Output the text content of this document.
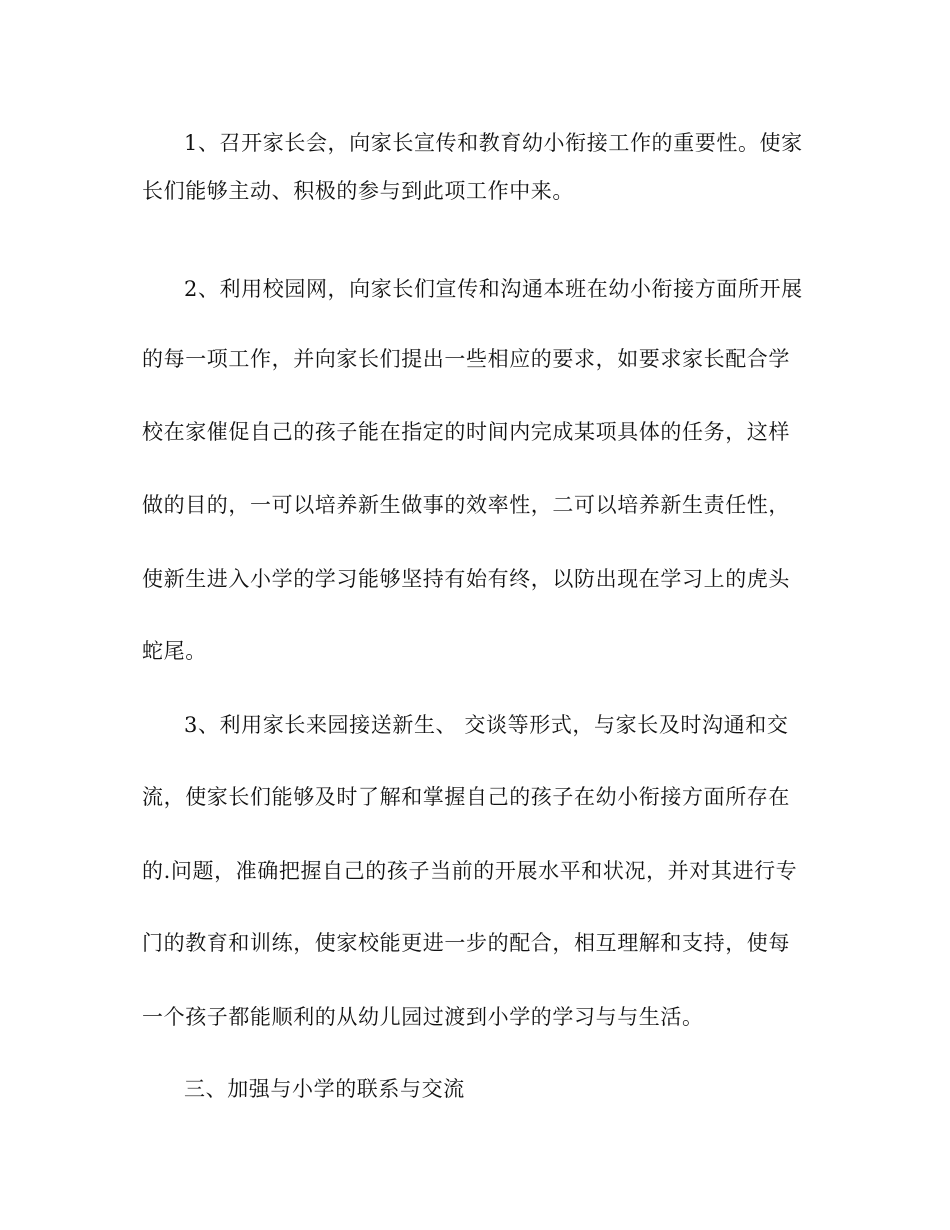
1、召开家长会，向家长宣传和教育幼小衔接工作的重要性。使家
长们能够主动、积极的参与到此项工作中来。
2、利用校园网，向家长们宣传和沟通本班在幼小衔接方面所开展
的每一项工作，并向家长们提出一些相应的要求，如要求家长配合学
校在家催促自己的孩子能在指定的时间内完成某项具体的任务，这样
做的目的，一可以培养新生做事的效率性，二可以培养新生责任性，
使新生进入小学的学习能够坚持有始有终，以防出现在学习上的虎头
蛇尾。
3、利用家长来园接送新生、 交谈等形式，与家长及时沟通和交
流，使家长们能够及时了解和掌握自己的孩子在幼小衔接方面所存在
的.问题，准确把握自己的孩子当前的开展水平和状况，并对其进行专
门的教育和训练，使家校能更进一步的配合，相互理解和支持，使每
一个孩子都能顺利的从幼儿园过渡到小学的学习与与生活。
三、加强与小学的联系与交流
